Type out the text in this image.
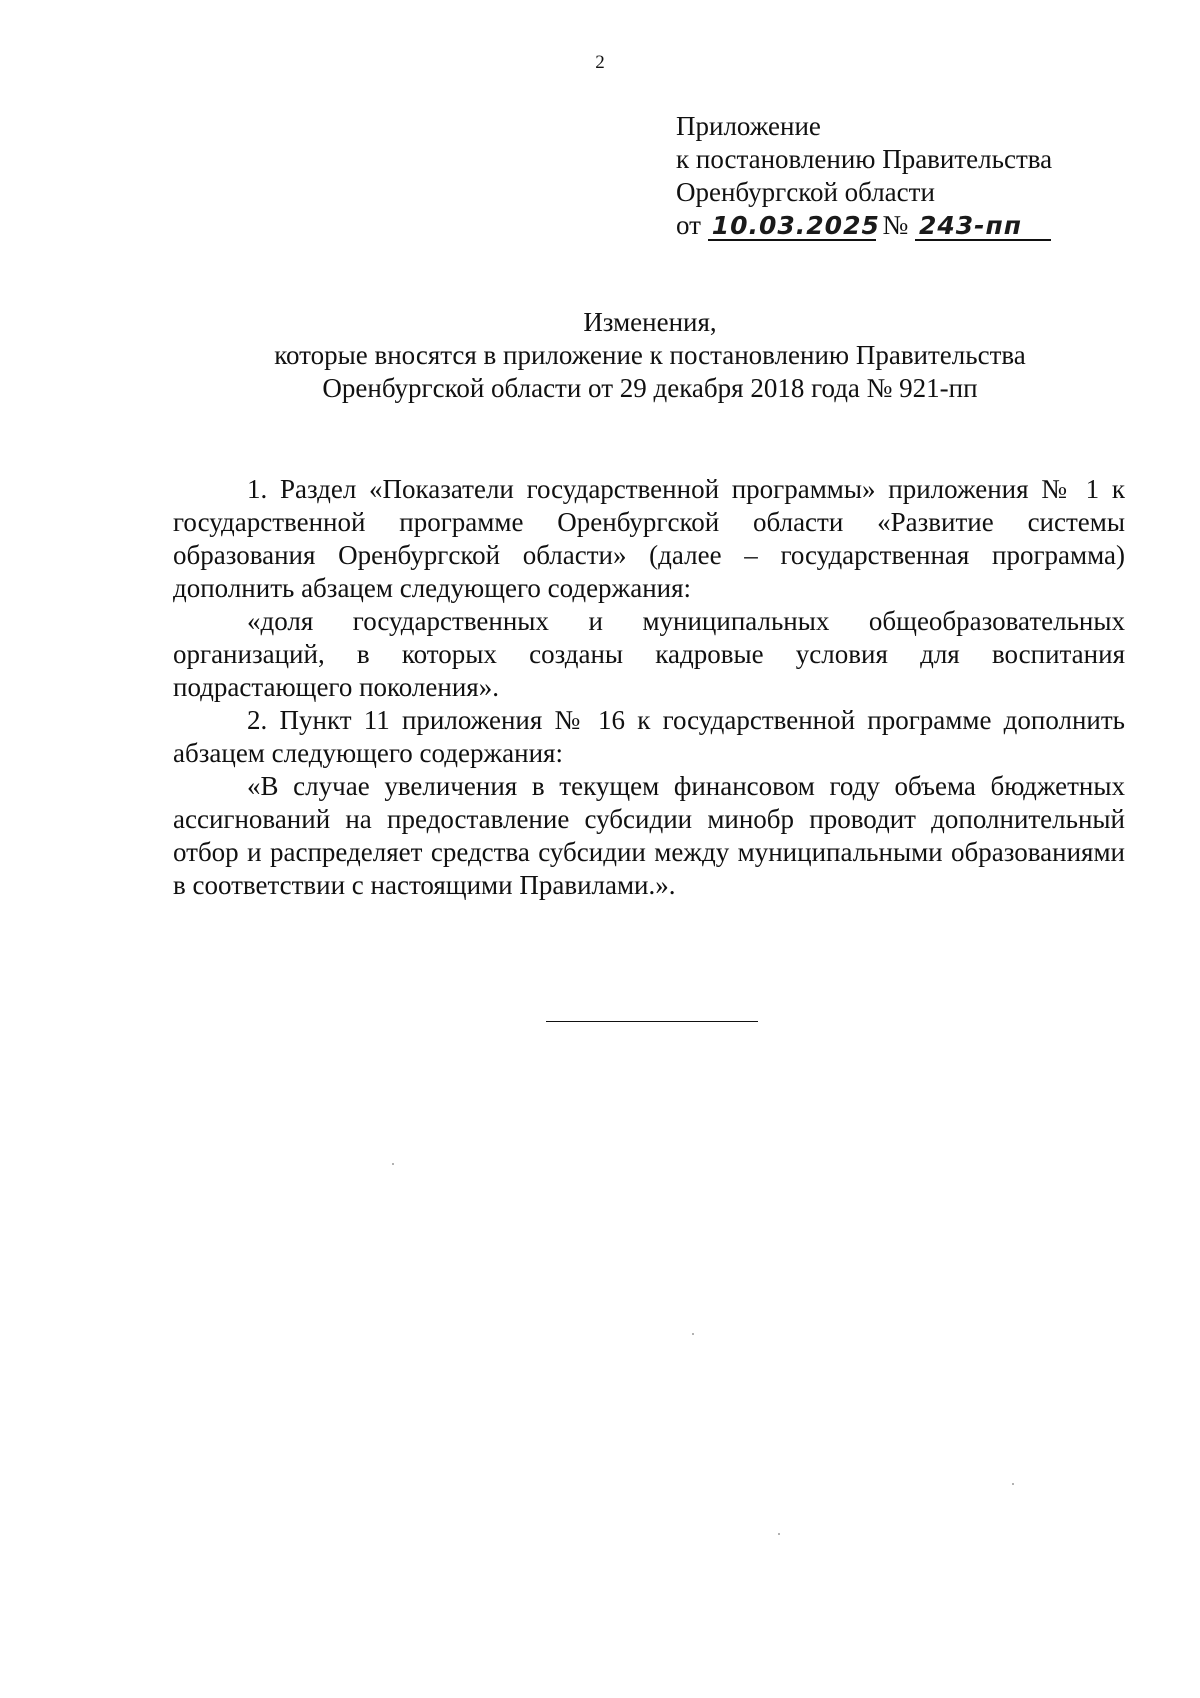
2
Приложение
к постановлению Правительства
Оренбургской области
от 10.03.2025 № 243-пп
Изменения,
которые вносятся в приложение к постановлению Правительства
Оренбургской области от 29 декабря 2018 года № 921-пп

1. Раздел «Показатели государственной программы» приложения № 1 к государственной программе Оренбургской области «Развитие системы образования Оренбургской области» (далее – государственная программа) дополнить абзацем следующего содержания:

«доля государственных и муниципальных общеобразовательных организаций, в которых созданы кадровые условия для воспитания подрастающего поколения».

2. Пункт 11 приложения № 16 к государственной программе дополнить абзацем следующего содержания:

«В случае увеличения в текущем финансовом году объема бюджетных ассигнований на предоставление субсидии минобр проводит дополнительный отбор и распределяет средства субсидии между муниципальными образованиями в соответствии с настоящими Правилами.».
